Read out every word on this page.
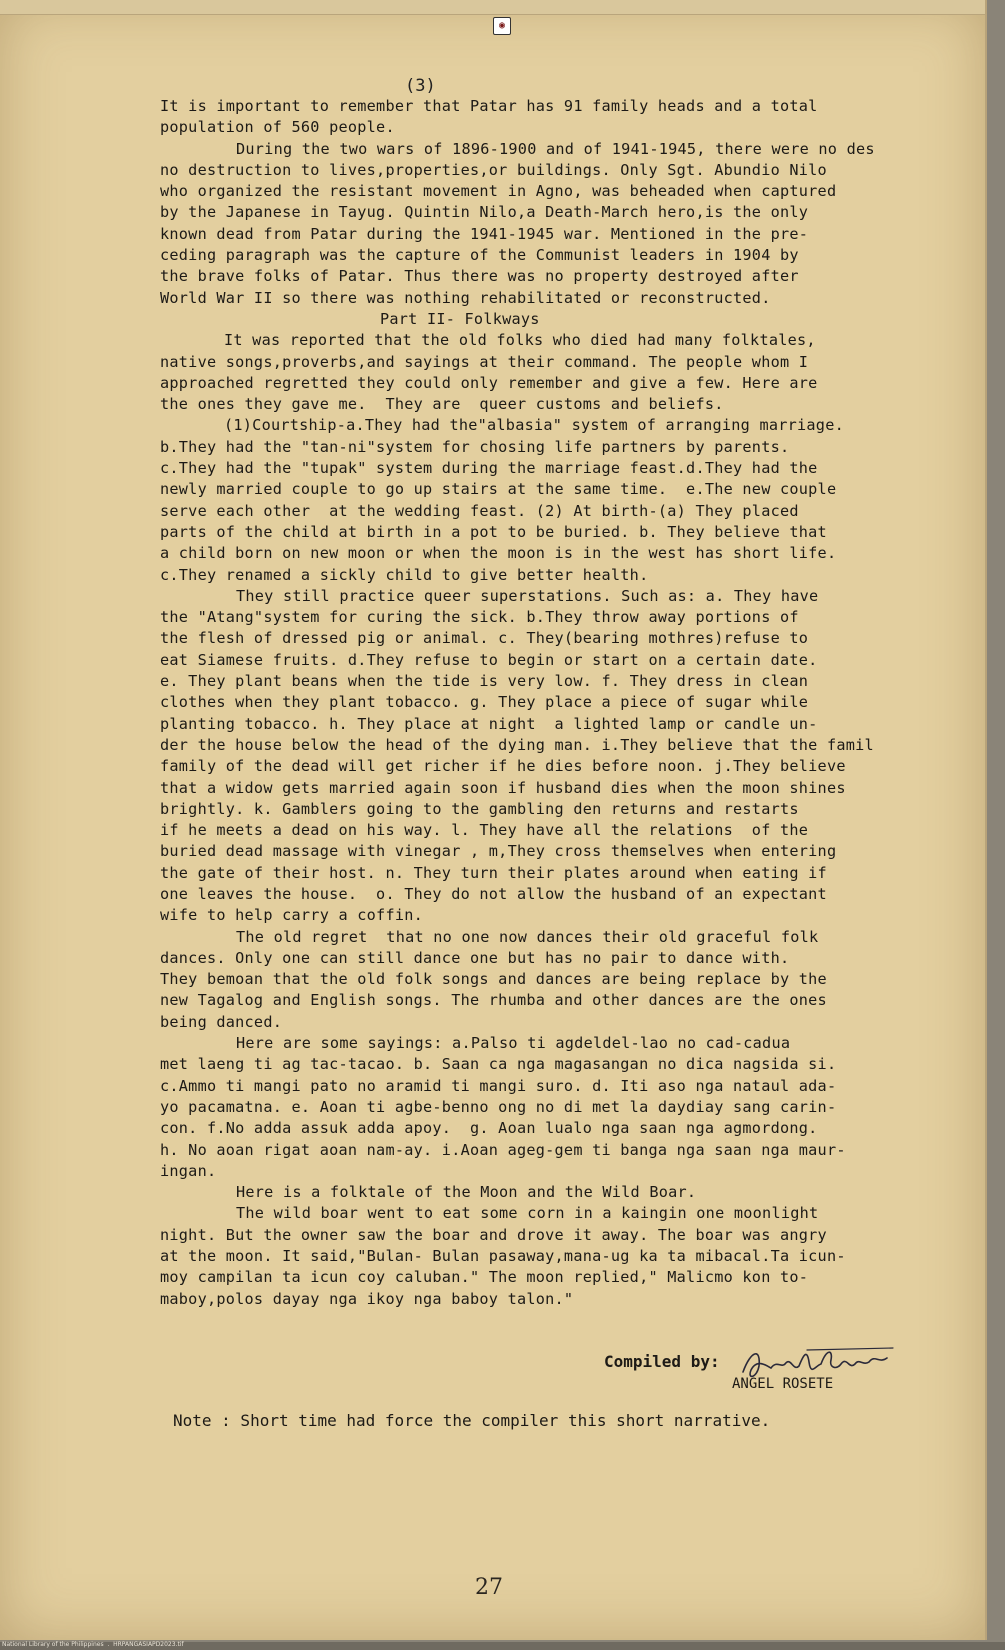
◉
(3)
It is important to remember that Patar has 91 family heads and a total
population of 560 people.
During the two wars of 1896-1900 and of 1941-1945, there were no des
no destruction to lives,properties,or buildings. Only Sgt. Abundio Nilo
who organized the resistant movement in Agno, was beheaded when captured
by the Japanese in Tayug. Quintin Nilo,a Death-March hero,is the only
known dead from Patar during the 1941-1945 war. Mentioned in the pre-
ceding paragraph was the capture of the Communist leaders in 1904 by
the brave folks of Patar. Thus there was no property destroyed after
World War II so there was nothing rehabilitated or reconstructed.
Part II- Folkways
It was reported that the old folks who died had many folktales,
native songs,proverbs,and sayings at their command. The people whom I
approached regretted they could only remember and give a few. Here are
the ones they gave me.  They are  queer customs and beliefs.
(1)Courtship-a.They had the"albasia" system of arranging marriage.
b.They had the "tan-ni"system for chosing life partners by parents.
c.They had the "tupak" system during the marriage feast.d.They had the
newly married couple to go up stairs at the same time.  e.The new couple
serve each other  at the wedding feast. (2) At birth-(a) They placed
parts of the child at birth in a pot to be buried. b. They believe that
a child born on new moon or when the moon is in the west has short life.
c.They renamed a sickly child to give better health.
They still practice queer superstations. Such as: a. They have
the "Atang"system for curing the sick. b.They throw away portions of
the flesh of dressed pig or animal. c. They(bearing mothres)refuse to
eat Siamese fruits. d.They refuse to begin or start on a certain date.
e. They plant beans when the tide is very low. f. They dress in clean
clothes when they plant tobacco. g. They place a piece of sugar while
planting tobacco. h. They place at night  a lighted lamp or candle un-
der the house below the head of the dying man. i.They believe that the famil
family of the dead will get richer if he dies before noon. j.They believe
that a widow gets married again soon if husband dies when the moon shines
brightly. k. Gamblers going to the gambling den returns and restarts
if he meets a dead on his way. l. They have all the relations  of the
buried dead massage with vinegar , m,They cross themselves when entering
the gate of their host. n. They turn their plates around when eating if
one leaves the house.  o. They do not allow the husband of an expectant
wife to help carry a coffin.
The old regret  that no one now dances their old graceful folk
dances. Only one can still dance one but has no pair to dance with.
They bemoan that the old folk songs and dances are being replace by the
new Tagalog and English songs. The rhumba and other dances are the ones
being danced.
Here are some sayings: a.Palso ti agdeldel-lao no cad-cadua
met laeng ti ag tac-tacao. b. Saan ca nga magasangan no dica nagsida si.
c.Ammo ti mangi pato no aramid ti mangi suro. d. Iti aso nga nataul ada-
yo pacamatna. e. Aoan ti agbe-benno ong no di met la daydiay sang carin-
con. f.No adda assuk adda apoy.  g. Aoan lualo nga saan nga agmordong.
h. No aoan rigat aoan nam-ay. i.Aoan ageg-gem ti banga nga saan nga maur-
ingan.
Here is a folktale of the Moon and the Wild Boar.
The wild boar went to eat some corn in a kaingin one moonlight
night. But the owner saw the boar and drove it away. The boar was angry
at the moon. It said,"Bulan- Bulan pasaway,mana-ug ka ta mibacal.Ta icun-
moy campilan ta icun coy caluban." The moon replied," Malicmo kon to-
maboy,polos dayay nga ikoy nga baboy talon."
Compiled by:
ANGEL ROSETE
Note : Short time had force the compiler this short narrative.
27
National Library of the Philippines  .  HRPANGASIAPD2023.tif
